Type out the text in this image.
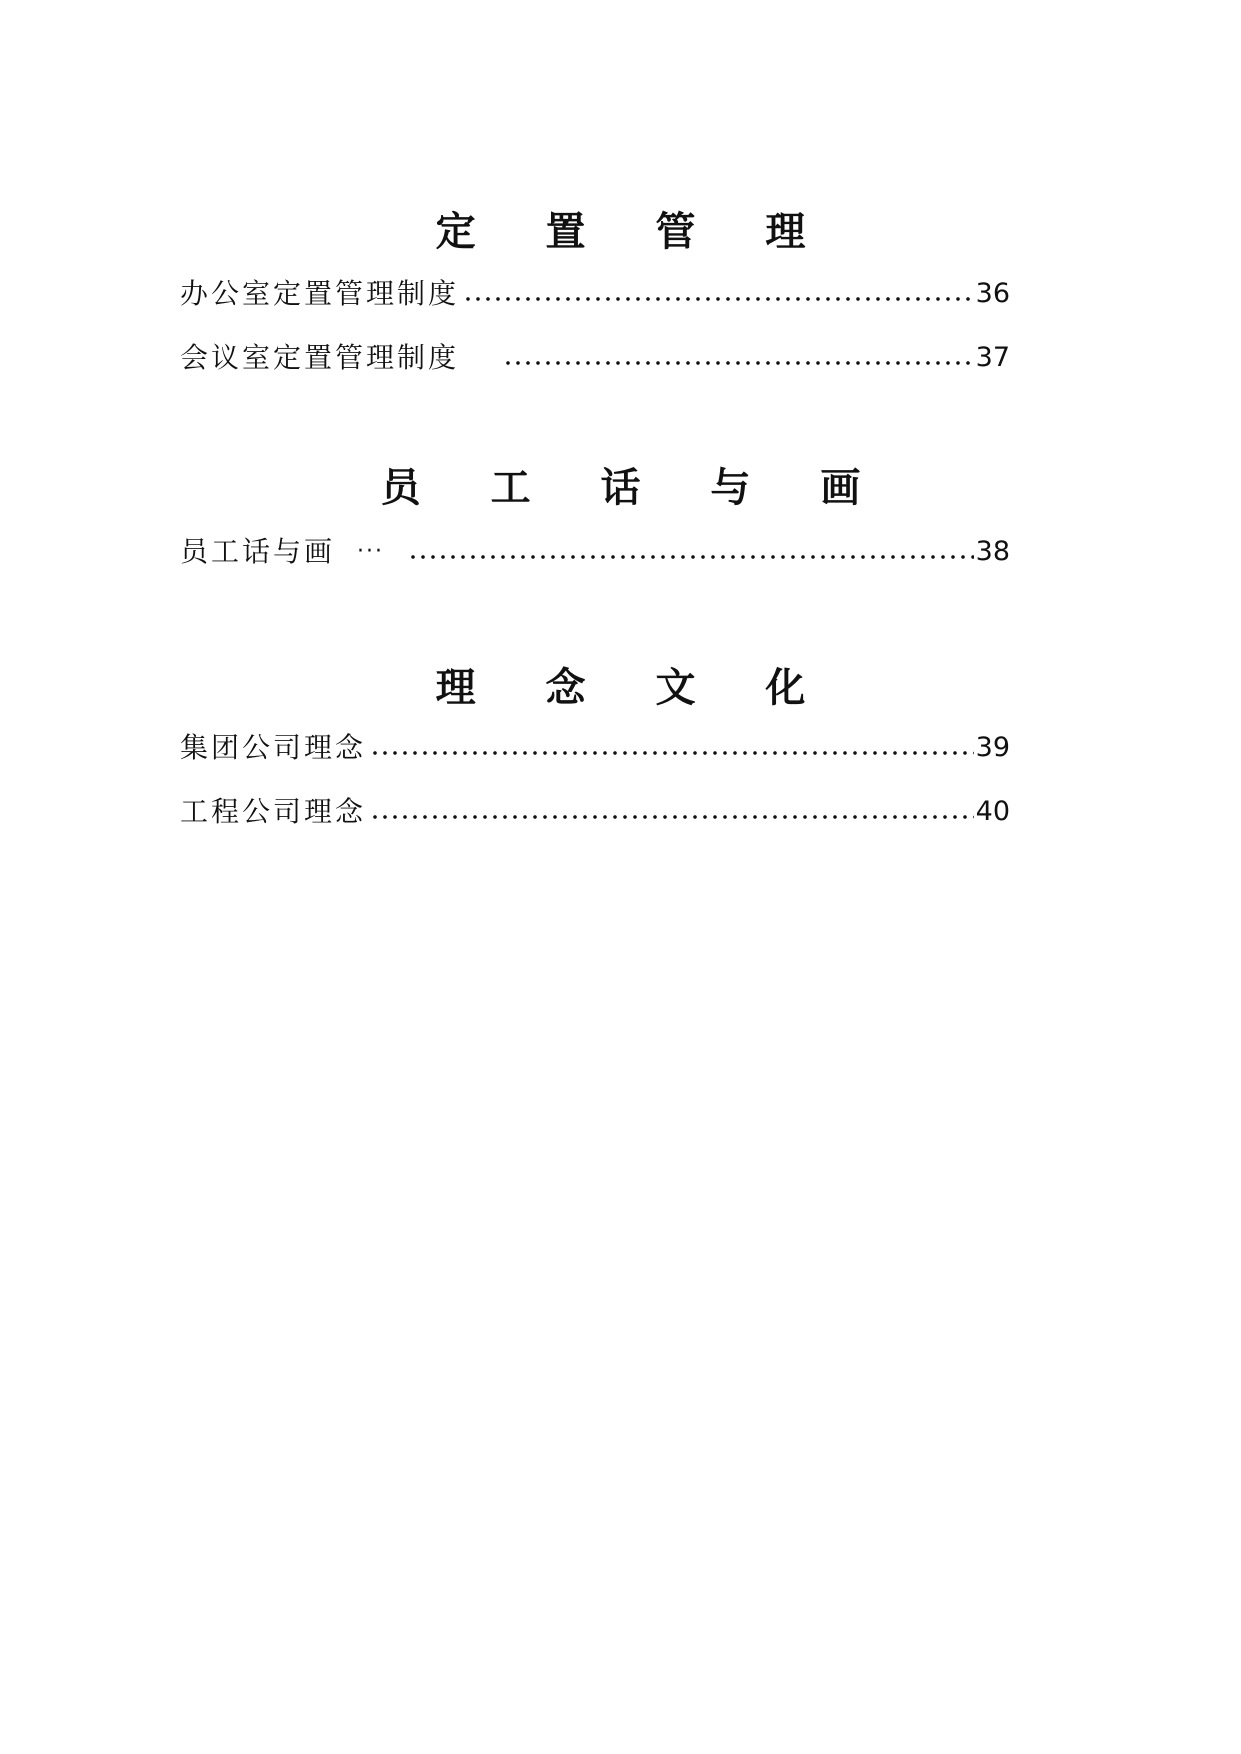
定 置 管 理
办公室定置管理制度	36
会议室定置管理制度	37
员 工 话 与 画
员工话与画 ···	38
理 念 文 化
集团公司理念	39
工程公司理念	40
